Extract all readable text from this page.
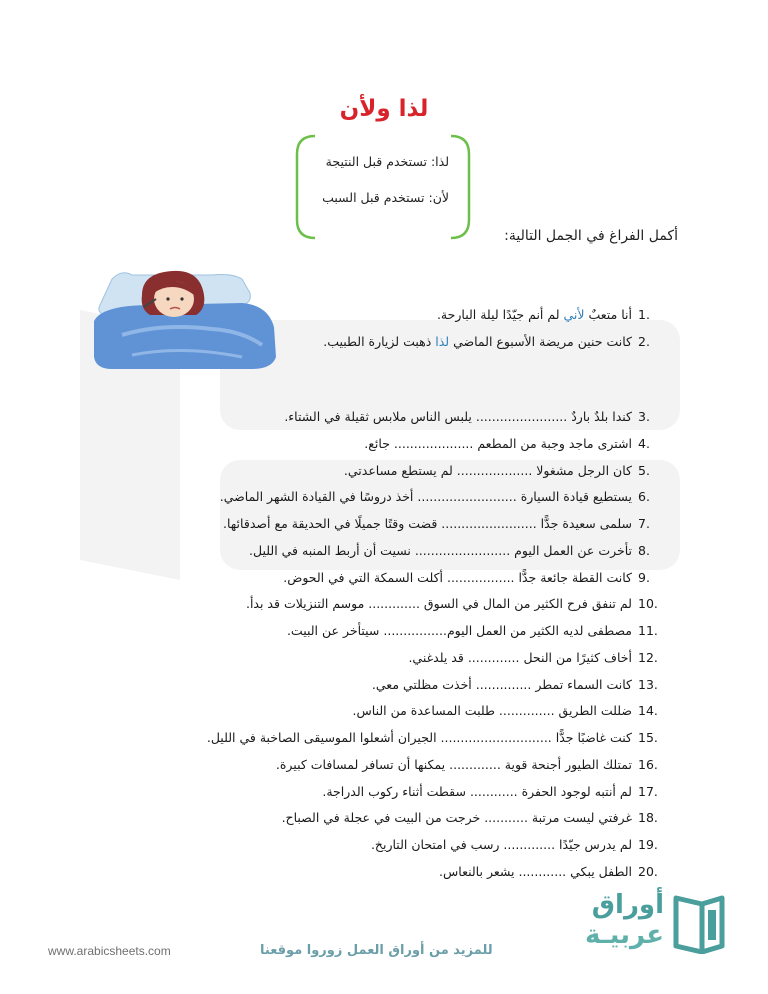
لذا ولأن
لذا: تستخدم قبل النتيجة
لأن: تستخدم قبل السبب
أكمل الفراغ في الجمل التالية:
1.أنا متعبٌ لأني لم أنم جيّدًا ليلة البارحة.
2.كانت حنين مريضة الأسبوع الماضي لذا ذهبت لزيارة الطبيب.
3.كندا بلدٌ باردٌ ....................... يلبس الناس ملابس ثقيلة في الشتاء.
4.اشترى ماجد وجبة من المطعم .................... جائع.
5.كان الرجل مشغولا ................... لم يستطع مساعدتي.
6.يستطيع قيادة السيارة ......................... أخذ دروسًا في القيادة الشهر الماضي.
7.سلمى سعيدة جدًّا ........................ قضت وقتًا جميلًا في الحديقة مع أصدقائها.
8.تأخرت عن العمل اليوم ........................ نسيت أن أربط المنبه في الليل.
9.كانت القطة جائعة جدًّا ................. أكلت السمكة التي في الحوض.
10.لم تنفق فرح الكثير من المال في السوق ............. موسم التنزيلات قد بدأ.
11.مصطفى لديه الكثير من العمل اليوم................ سيتأخر عن البيت.
12.أخاف كثيرًا من النحل ............. قد يلدغني.
13.كانت السماء تمطر .............. أخذت مظلتي معي.
14.ضللت الطريق .............. طلبت المساعدة من الناس.
15.كنت غاضبًا جدًّا ............................ الجيران أشعلوا الموسيقى الصاخبة في الليل.
16.تمتلك الطيور أجنحة قوية ............. يمكنها أن تسافر لمسافات كبيرة.
17.لم أنتبه لوجود الحفرة ............ سقطت أثناء ركوب الدراجة.
18.غرفتي ليست مرتبة ........... خرجت من البيت في عجلة في الصباح.
19.لم يدرس جيّدًا ............. رسب في امتحان التاريخ.
20.الطفل يبكي ............ يشعر بالنعاس.
www.arabicsheets.com	للمزيد من أوراق العمل زوروا موقعنا
أوراق
عربيـة
